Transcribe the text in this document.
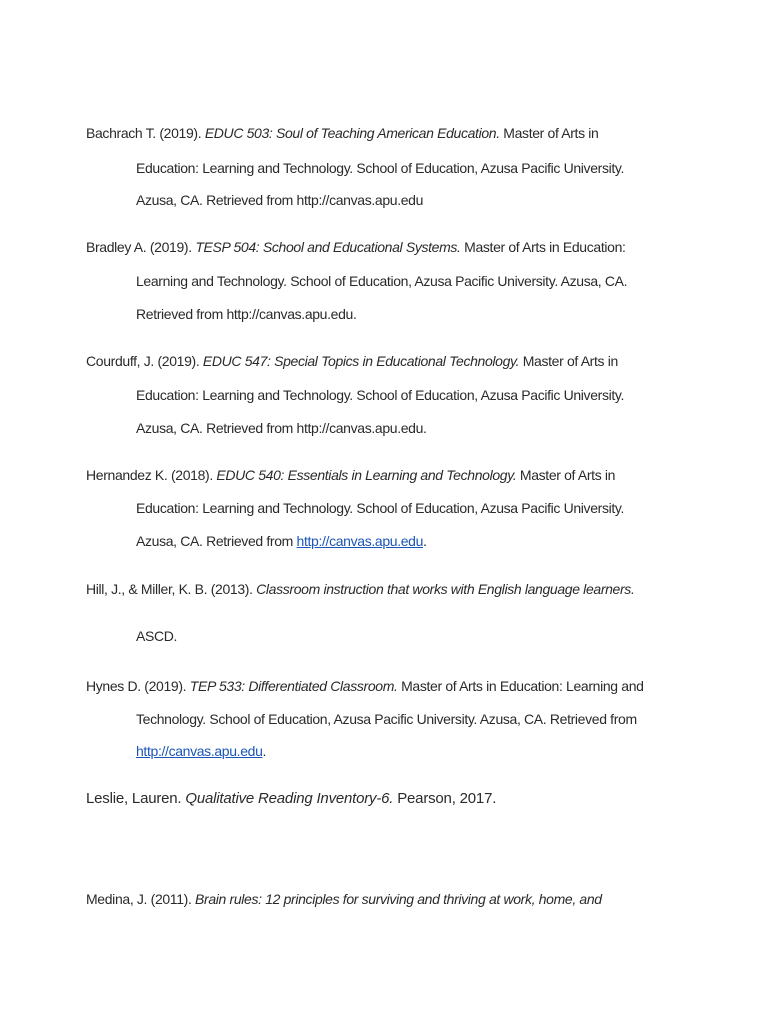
Bachrach T. (2019). EDUC 503: Soul of Teaching American Education. Master of Arts in
Education: Learning and Technology. School of Education, Azusa Pacific University.
Azusa, CA. Retrieved from http://canvas.apu.edu
Bradley A. (2019). TESP 504: School and Educational Systems. Master of Arts in Education:
Learning and Technology. School of Education, Azusa Pacific University. Azusa, CA.
Retrieved from http://canvas.apu.edu.
Courduff, J. (2019). EDUC 547: Special Topics in Educational Technology. Master of Arts in
Education: Learning and Technology. School of Education, Azusa Pacific University.
Azusa, CA. Retrieved from http://canvas.apu.edu.
Hernandez K. (2018). EDUC 540: Essentials in Learning and Technology. Master of Arts in
Education: Learning and Technology. School of Education, Azusa Pacific University.
Azusa, CA. Retrieved from http://canvas.apu.edu.
Hill, J., & Miller, K. B. (2013). Classroom instruction that works with English language learners.
ASCD.
Hynes D. (2019). TEP 533: Differentiated Classroom. Master of Arts in Education: Learning and
Technology. School of Education, Azusa Pacific University. Azusa, CA. Retrieved from
http://canvas.apu.edu.
Leslie, Lauren. Qualitative Reading Inventory-6. Pearson, 2017.
Medina, J. (2011). Brain rules: 12 principles for surviving and thriving at work, home, and
